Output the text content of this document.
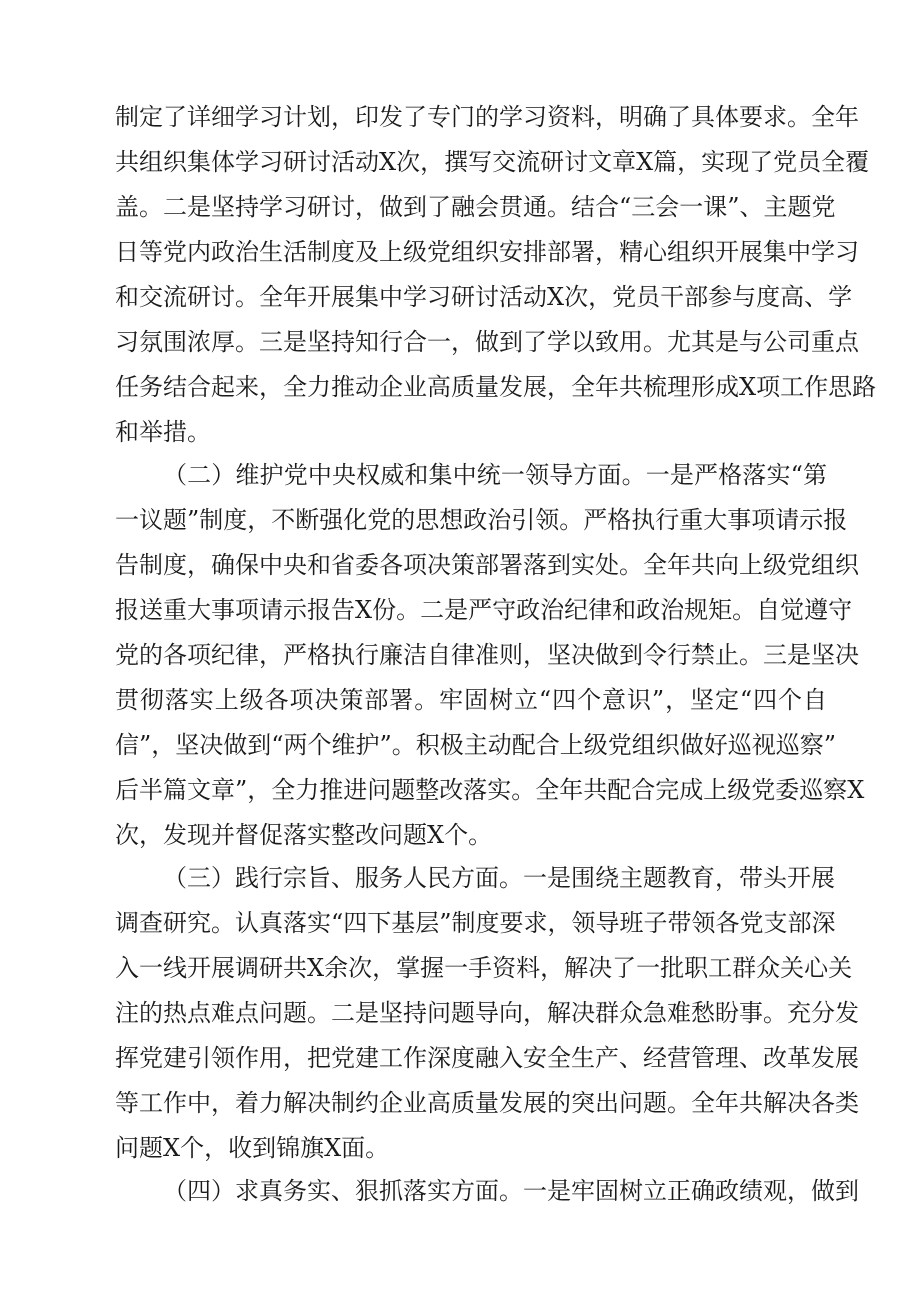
制定了详细学习计划，印发了专门的学习资料，明确了具体要求。全年
共组织集体学习研讨活动X次，撰写交流研讨文章X篇，实现了党员全覆
盖。二是坚持学习研讨，做到了融会贯通。结合“三会一课”、主题党
日等党内政治生活制度及上级党组织安排部署，精心组织开展集中学习
和交流研讨。全年开展集中学习研讨活动X次，党员干部参与度高、学
习氛围浓厚。三是坚持知行合一，做到了学以致用。尤其是与公司重点
任务结合起来，全力推动企业高质量发展，全年共梳理形成X项工作思路
和举措。
（二）维护党中央权威和集中统一领导方面。一是严格落实“第
一议题”制度，不断强化党的思想政治引领。严格执行重大事项请示报
告制度，确保中央和省委各项决策部署落到实处。全年共向上级党组织
报送重大事项请示报告X份。二是严守政治纪律和政治规矩。自觉遵守
党的各项纪律，严格执行廉洁自律准则，坚决做到令行禁止。三是坚决
贯彻落实上级各项决策部署。牢固树立“四个意识”，坚定“四个自
信”，坚决做到“两个维护”。积极主动配合上级党组织做好巡视巡察”
后半篇文章”，全力推进问题整改落实。全年共配合完成上级党委巡察X
次，发现并督促落实整改问题X个。
（三）践行宗旨、服务人民方面。一是围绕主题教育，带头开展
调查研究。认真落实“四下基层”制度要求，领导班子带领各党支部深
入一线开展调研共X余次，掌握一手资料，解决了一批职工群众关心关
注的热点难点问题。二是坚持问题导向，解决群众急难愁盼事。充分发
挥党建引领作用，把党建工作深度融入安全生产、经营管理、改革发展
等工作中，着力解决制约企业高质量发展的突出问题。全年共解决各类
问题X个，收到锦旗X面。
（四）求真务实、狠抓落实方面。一是牢固树立正确政绩观，做到
